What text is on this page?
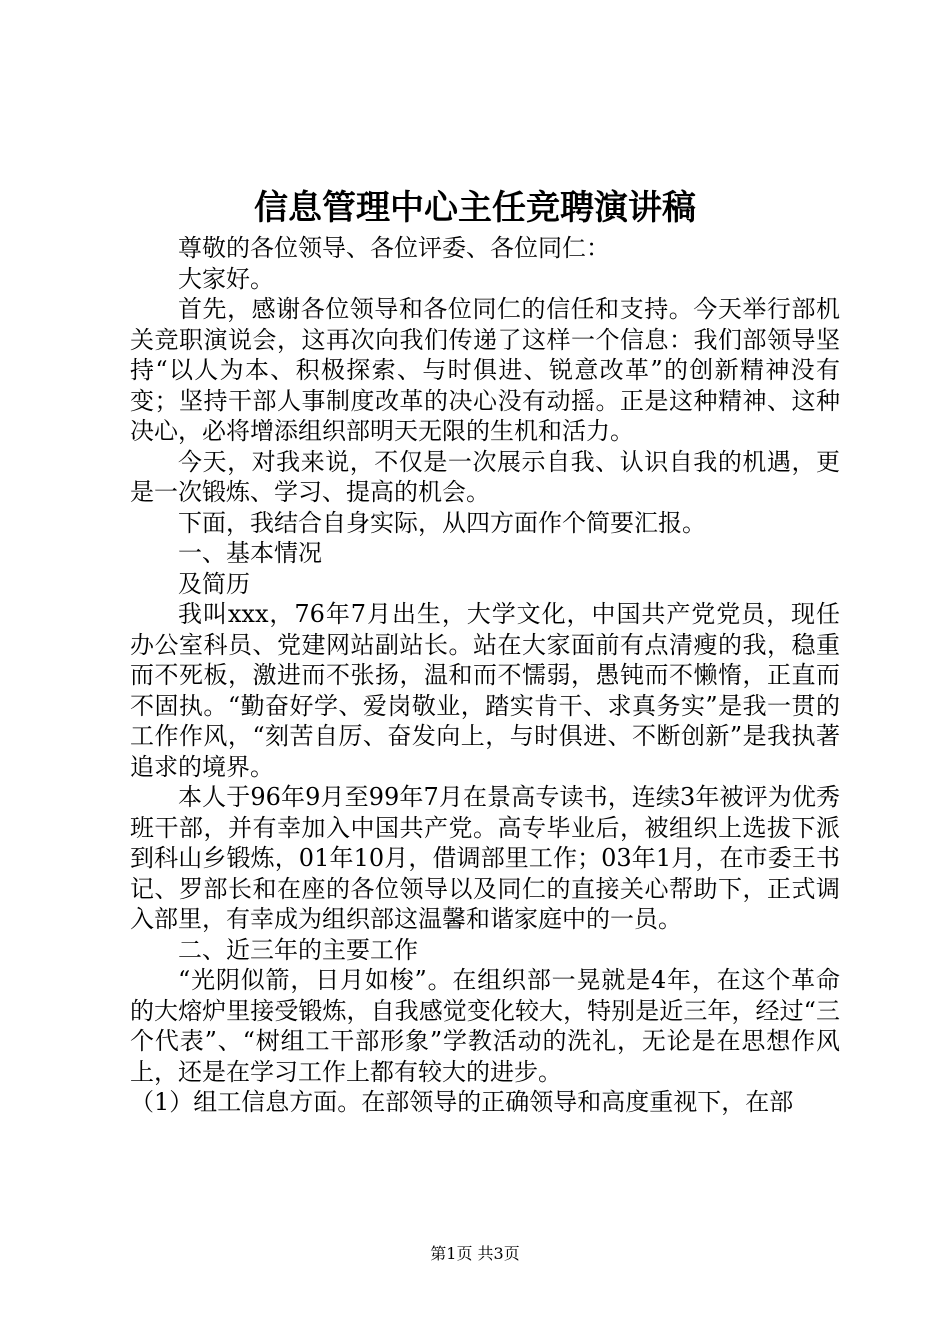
信息管理中心主任竞聘演讲稿

尊敬的各位领导、各位评委、各位同仁：

大家好。

首先，感谢各位领导和各位同仁的信任和支持。今天举行部机关竞职演说会，这再次向我们传递了这样一个信息：我们部领导坚持“以人为本、积极探索、与时俱进、锐意改革”的创新精神没有变；坚持干部人事制度改革的决心没有动摇。正是这种精神、这种决心，必将增添组织部明天无限的生机和活力。

今天，对我来说，不仅是一次展示自我、认识自我的机遇，更是一次锻炼、学习、提高的机会。

下面，我结合自身实际，从四方面作个简要汇报。

一、基本情况

及简历

我叫xxx，76年7月出生，大学文化，中国共产党党员，现任办公室科员、党建网站副站长。站在大家面前有点清瘦的我，稳重而不死板，激进而不张扬，温和而不懦弱，愚钝而不懒惰，正直而不固执。“勤奋好学、爱岗敬业，踏实肯干、求真务实”是我一贯的工作作风，“刻苦自厉、奋发向上，与时俱进、不断创新”是我执著追求的境界。

本人于96年9月至99年7月在景高专读书，连续3年被评为优秀班干部，并有幸加入中国共产党。高专毕业后，被组织上选拔下派到科山乡锻炼，01年10月，借调部里工作；03年1月，在市委王书记、罗部长和在座的各位领导以及同仁的直接关心帮助下，正式调入部里，有幸成为组织部这温馨和谐家庭中的一员。

二、近三年的主要工作

“光阴似箭，日月如梭”。在组织部一晃就是4年，在这个革命的大熔炉里接受锻炼，自我感觉变化较大，特别是近三年，经过“三个代表”、“树组工干部形象”学教活动的洗礼，无论是在思想作风上，还是在学习工作上都有较大的进步。

（1）组工信息方面。在部领导的正确领导和高度重视下，在部

第1页 共3页
